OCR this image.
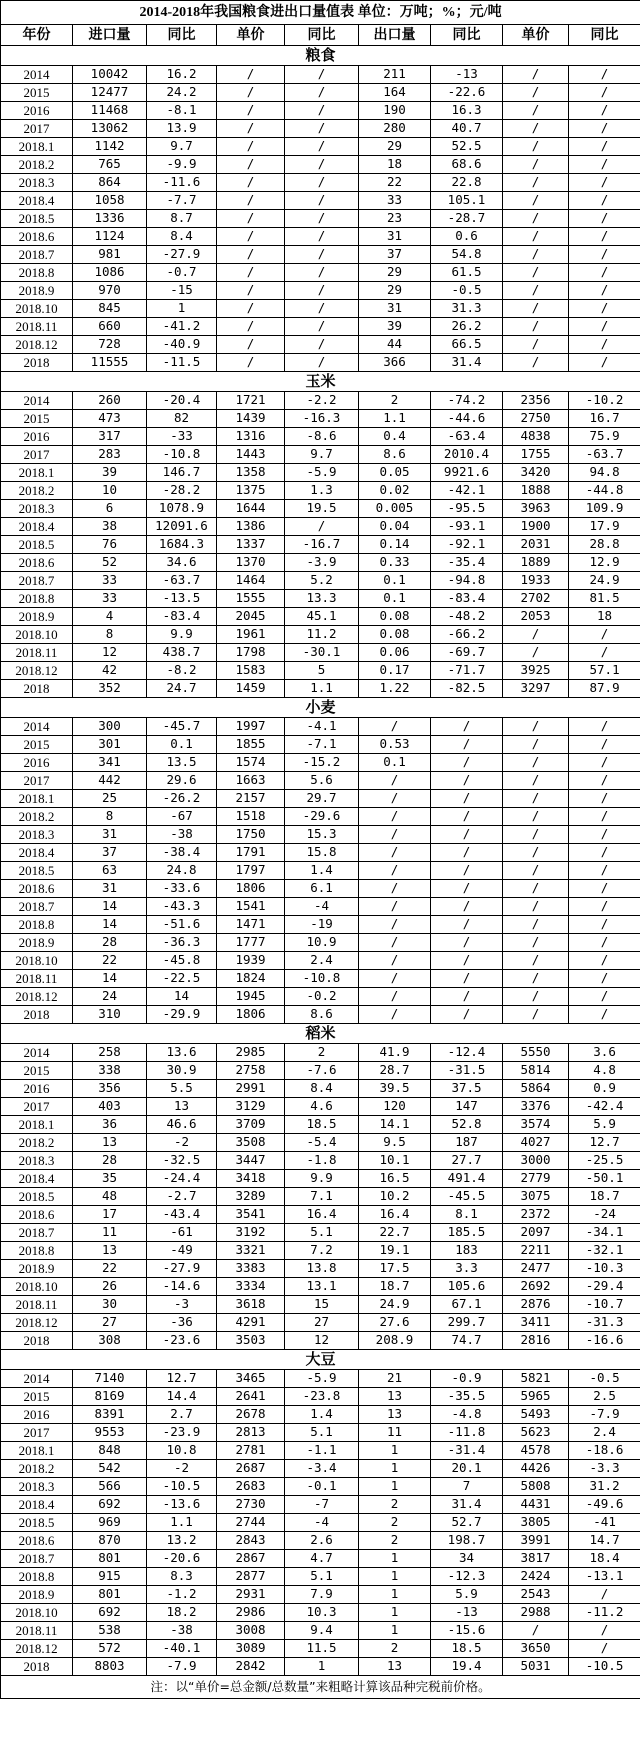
2014-2018年我国粮食进出口量值表 单位：万吨；%；元/吨								
年份	进口量	同比	单价	同比	出口量	同比	单价	同比
粮食								
2014	10042	16.2	/	/	211	-13	/	/
2015	12477	24.2	/	/	164	-22.6	/	/
2016	11468	-8.1	/	/	190	16.3	/	/
2017	13062	13.9	/	/	280	40.7	/	/
2018.1	1142	9.7	/	/	29	52.5	/	/
2018.2	765	-9.9	/	/	18	68.6	/	/
2018.3	864	-11.6	/	/	22	22.8	/	/
2018.4	1058	-7.7	/	/	33	105.1	/	/
2018.5	1336	8.7	/	/	23	-28.7	/	/
2018.6	1124	8.4	/	/	31	0.6	/	/
2018.7	981	-27.9	/	/	37	54.8	/	/
2018.8	1086	-0.7	/	/	29	61.5	/	/
2018.9	970	-15	/	/	29	-0.5	/	/
2018.10	845	1	/	/	31	31.3	/	/
2018.11	660	-41.2	/	/	39	26.2	/	/
2018.12	728	-40.9	/	/	44	66.5	/	/
2018	11555	-11.5	/	/	366	31.4	/	/
玉米								
2014	260	-20.4	1721	-2.2	2	-74.2	2356	-10.2
2015	473	82	1439	-16.3	1.1	-44.6	2750	16.7
2016	317	-33	1316	-8.6	0.4	-63.4	4838	75.9
2017	283	-10.8	1443	9.7	8.6	2010.4	1755	-63.7
2018.1	39	146.7	1358	-5.9	0.05	9921.6	3420	94.8
2018.2	10	-28.2	1375	1.3	0.02	-42.1	1888	-44.8
2018.3	6	1078.9	1644	19.5	0.005	-95.5	3963	109.9
2018.4	38	12091.6	1386	/	0.04	-93.1	1900	17.9
2018.5	76	1684.3	1337	-16.7	0.14	-92.1	2031	28.8
2018.6	52	34.6	1370	-3.9	0.33	-35.4	1889	12.9
2018.7	33	-63.7	1464	5.2	0.1	-94.8	1933	24.9
2018.8	33	-13.5	1555	13.3	0.1	-83.4	2702	81.5
2018.9	4	-83.4	2045	45.1	0.08	-48.2	2053	18
2018.10	8	9.9	1961	11.2	0.08	-66.2	/	/
2018.11	12	438.7	1798	-30.1	0.06	-69.7	/	/
2018.12	42	-8.2	1583	5	0.17	-71.7	3925	57.1
2018	352	24.7	1459	1.1	1.22	-82.5	3297	87.9
小麦								
2014	300	-45.7	1997	-4.1	/	/	/	/
2015	301	0.1	1855	-7.1	0.53	/	/	/
2016	341	13.5	1574	-15.2	0.1	/	/	/
2017	442	29.6	1663	5.6	/	/	/	/
2018.1	25	-26.2	2157	29.7	/	/	/	/
2018.2	8	-67	1518	-29.6	/	/	/	/
2018.3	31	-38	1750	15.3	/	/	/	/
2018.4	37	-38.4	1791	15.8	/	/	/	/
2018.5	63	24.8	1797	1.4	/	/	/	/
2018.6	31	-33.6	1806	6.1	/	/	/	/
2018.7	14	-43.3	1541	-4	/	/	/	/
2018.8	14	-51.6	1471	-19	/	/	/	/
2018.9	28	-36.3	1777	10.9	/	/	/	/
2018.10	22	-45.8	1939	2.4	/	/	/	/
2018.11	14	-22.5	1824	-10.8	/	/	/	/
2018.12	24	14	1945	-0.2	/	/	/	/
2018	310	-29.9	1806	8.6	/	/	/	/
稻米								
2014	258	13.6	2985	2	41.9	-12.4	5550	3.6
2015	338	30.9	2758	-7.6	28.7	-31.5	5814	4.8
2016	356	5.5	2991	8.4	39.5	37.5	5864	0.9
2017	403	13	3129	4.6	120	147	3376	-42.4
2018.1	36	46.6	3709	18.5	14.1	52.8	3574	5.9
2018.2	13	-2	3508	-5.4	9.5	187	4027	12.7
2018.3	28	-32.5	3447	-1.8	10.1	27.7	3000	-25.5
2018.4	35	-24.4	3418	9.9	16.5	491.4	2779	-50.1
2018.5	48	-2.7	3289	7.1	10.2	-45.5	3075	18.7
2018.6	17	-43.4	3541	16.4	16.4	8.1	2372	-24
2018.7	11	-61	3192	5.1	22.7	185.5	2097	-34.1
2018.8	13	-49	3321	7.2	19.1	183	2211	-32.1
2018.9	22	-27.9	3383	13.8	17.5	3.3	2477	-10.3
2018.10	26	-14.6	3334	13.1	18.7	105.6	2692	-29.4
2018.11	30	-3	3618	15	24.9	67.1	2876	-10.7
2018.12	27	-36	4291	27	27.6	299.7	3411	-31.3
2018	308	-23.6	3503	12	208.9	74.7	2816	-16.6
大豆								
2014	7140	12.7	3465	-5.9	21	-0.9	5821	-0.5
2015	8169	14.4	2641	-23.8	13	-35.5	5965	2.5
2016	8391	2.7	2678	1.4	13	-4.8	5493	-7.9
2017	9553	-23.9	2813	5.1	11	-11.8	5623	2.4
2018.1	848	10.8	2781	-1.1	1	-31.4	4578	-18.6
2018.2	542	-2	2687	-3.4	1	20.1	4426	-3.3
2018.3	566	-10.5	2683	-0.1	1	7	5808	31.2
2018.4	692	-13.6	2730	-7	2	31.4	4431	-49.6
2018.5	969	1.1	2744	-4	2	52.7	3805	-41
2018.6	870	13.2	2843	2.6	2	198.7	3991	14.7
2018.7	801	-20.6	2867	4.7	1	34	3817	18.4
2018.8	915	8.3	2877	5.1	1	-12.3	2424	-13.1
2018.9	801	-1.2	2931	7.9	1	5.9	2543	/
2018.10	692	18.2	2986	10.3	1	-13	2988	-11.2
2018.11	538	-38	3008	9.4	1	-15.6	/	/
2018.12	572	-40.1	3089	11.5	2	18.5	3650	/
2018	8803	-7.9	2842	1	13	19.4	5031	-10.5
注：以“单价=总金额/总数量”来粗略计算该品种完税前价格。								
